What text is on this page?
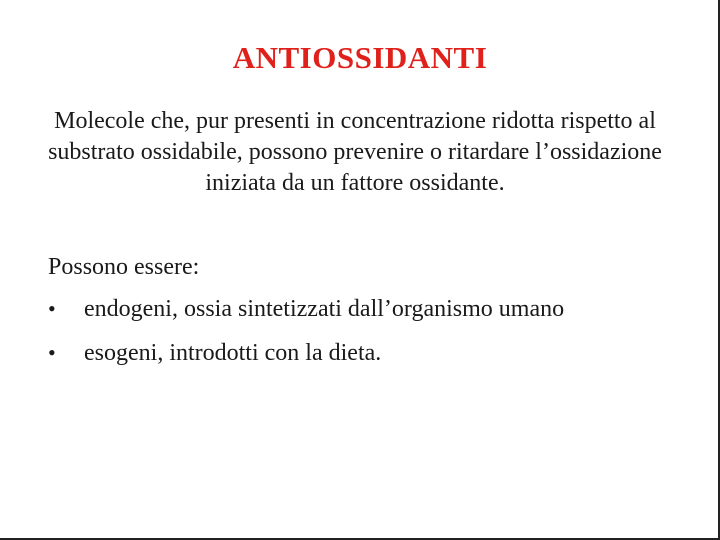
ANTIOSSIDANTI

Molecole che, pur presenti in concentrazione ridotta rispetto al substrato ossidabile, possono prevenire o ritardare l’ossidazione iniziata da un fattore ossidante.

Possono essere:

•	endogeni, ossia sintetizzati dall’organismo umano
•	esogeni, introdotti con la dieta.
